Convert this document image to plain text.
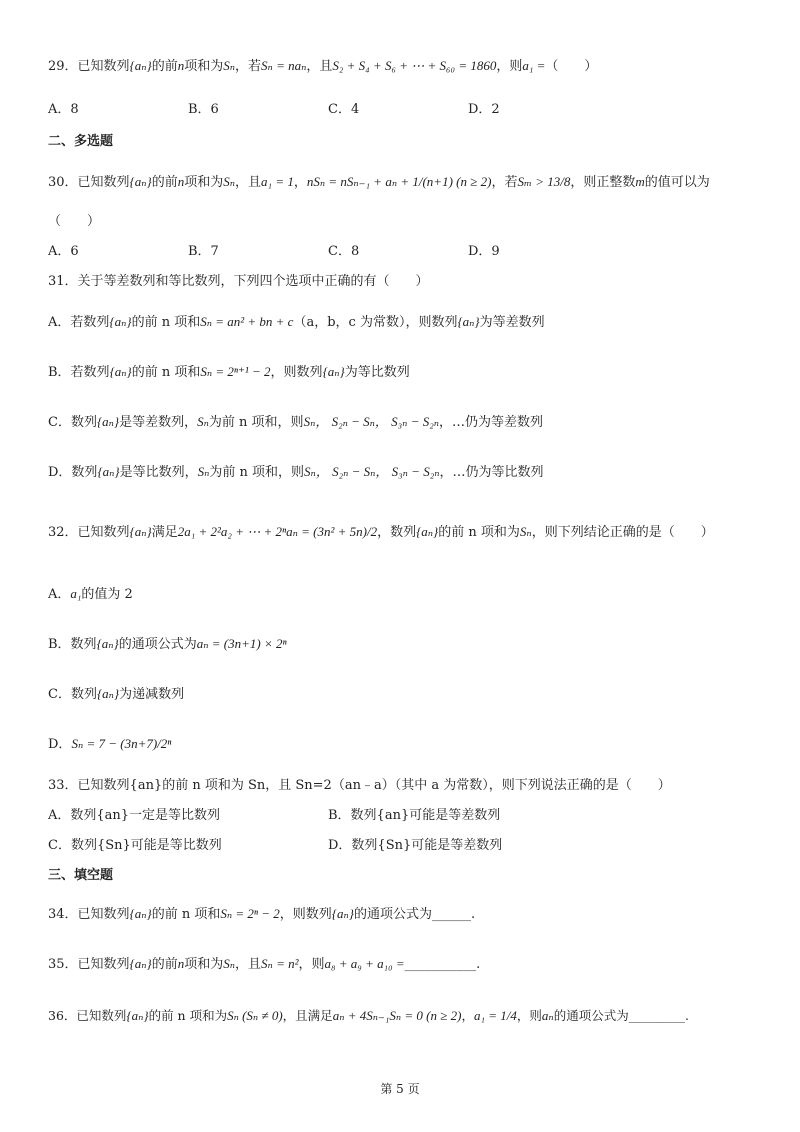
29．已知数列{aₙ}的前n项和为Sₙ，若Sₙ = naₙ，且S₂ + S₄ + S₆ + ⋯ + S₆₀ = 1860，则a₁ =（　　）
A．8	B．6	C．4	D．2
二、多选题
30．已知数列{aₙ}的前n项和为Sₙ，且a₁ = 1，nSₙ = nSₙ₋₁ + aₙ + 1/(n+1) (n ≥ 2)，若Sₘ > 13/8，则正整数m的值可以为
（　　）
A．6	B．7	C．8	D．9
31．关于等差数列和等比数列，下列四个选项中正确的有（　　）
A．若数列{aₙ}的前 n 项和Sₙ = an² + bn + c（a，b，c 为常数），则数列{aₙ}为等差数列
B．若数列{aₙ}的前 n 项和Sₙ = 2ⁿ⁺¹ − 2，则数列{aₙ}为等比数列
C．数列{aₙ}是等差数列，Sₙ为前 n 项和，则Sₙ， S₂ₙ − Sₙ， S₃ₙ − S₂ₙ，…仍为等差数列
D．数列{aₙ}是等比数列，Sₙ为前 n 项和，则Sₙ， S₂ₙ − Sₙ， S₃ₙ − S₂ₙ，…仍为等比数列
32．已知数列{aₙ}满足2a₁ + 2²a₂ + ⋯ + 2ⁿaₙ = (3n² + 5n)/2，数列{aₙ}的前 n 项和为Sₙ，则下列结论正确的是（　　）
A．a₁的值为 2
B．数列{aₙ}的通项公式为aₙ = (3n+1) × 2ⁿ
C．数列{aₙ}为递减数列
D．Sₙ = 7 − (3n+7)/2ⁿ
33．已知数列{an}的前 n 项和为 Sn，且 Sn=2（an﹣a）（其中 a 为常数），则下列说法正确的是（　　）
A．数列{an}一定是等比数列	B．数列{an}可能是等差数列
C．数列{Sn}可能是等比数列	D．数列{Sn}可能是等差数列
三、填空题
34．已知数列{aₙ}的前 n 项和Sₙ = 2ⁿ − 2，则数列{aₙ}的通项公式为______.
35．已知数列{aₙ}的前n项和为Sₙ，且Sₙ = n²，则a₈ + a₉ + a₁₀ =___________.
36．已知数列{aₙ}的前 n 项和为Sₙ (Sₙ ≠ 0)，且满足aₙ + 4Sₙ₋₁Sₙ = 0 (n ≥ 2)，a₁ = 1/4，则aₙ的通项公式为_________.
第 5 页
